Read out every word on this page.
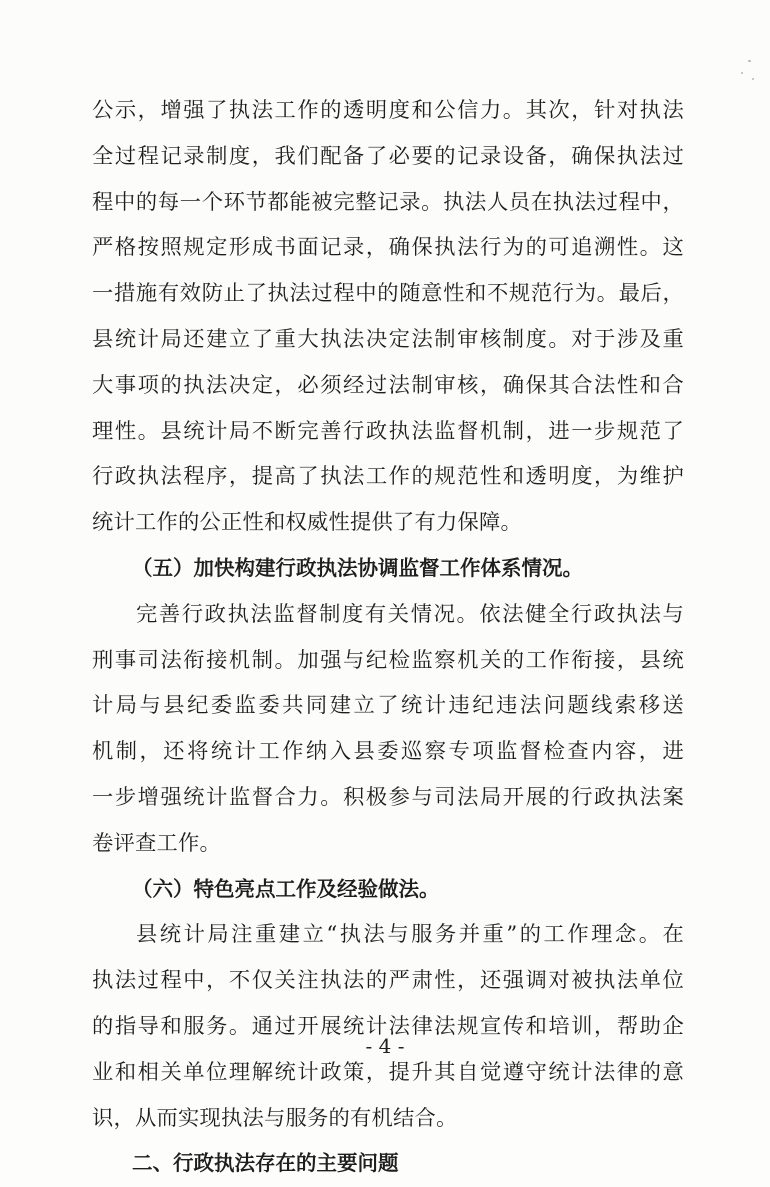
公示，增强了执法工作的透明度和公信力。其次，针对执法
全过程记录制度，我们配备了必要的记录设备，确保执法过
程中的每一个环节都能被完整记录。执法人员在执法过程中，
严格按照规定形成书面记录，确保执法行为的可追溯性。这
一措施有效防止了执法过程中的随意性和不规范行为。最后，
县统计局还建立了重大执法决定法制审核制度。对于涉及重
大事项的执法决定，必须经过法制审核，确保其合法性和合
理性。县统计局不断完善行政执法监督机制，进一步规范了
行政执法程序，提高了执法工作的规范性和透明度，为维护
统计工作的公正性和权威性提供了有力保障。
（五）加快构建行政执法协调监督工作体系情况。
完善行政执法监督制度有关情况。依法健全行政执法与
刑事司法衔接机制。加强与纪检监察机关的工作衔接，县统
计局与县纪委监委共同建立了统计违纪违法问题线索移送
机制，还将统计工作纳入县委巡察专项监督检查内容，进
一步增强统计监督合力。积极参与司法局开展的行政执法案
卷评查工作。
（六）特色亮点工作及经验做法。
县统计局注重建立“执法与服务并重”的工作理念。在
执法过程中，不仅关注执法的严肃性，还强调对被执法单位
的指导和服务。通过开展统计法律法规宣传和培训，帮助企
业和相关单位理解统计政策，提升其自觉遵守统计法律的意
识，从而实现执法与服务的有机结合。
二、行政执法存在的主要问题
- 4 -
